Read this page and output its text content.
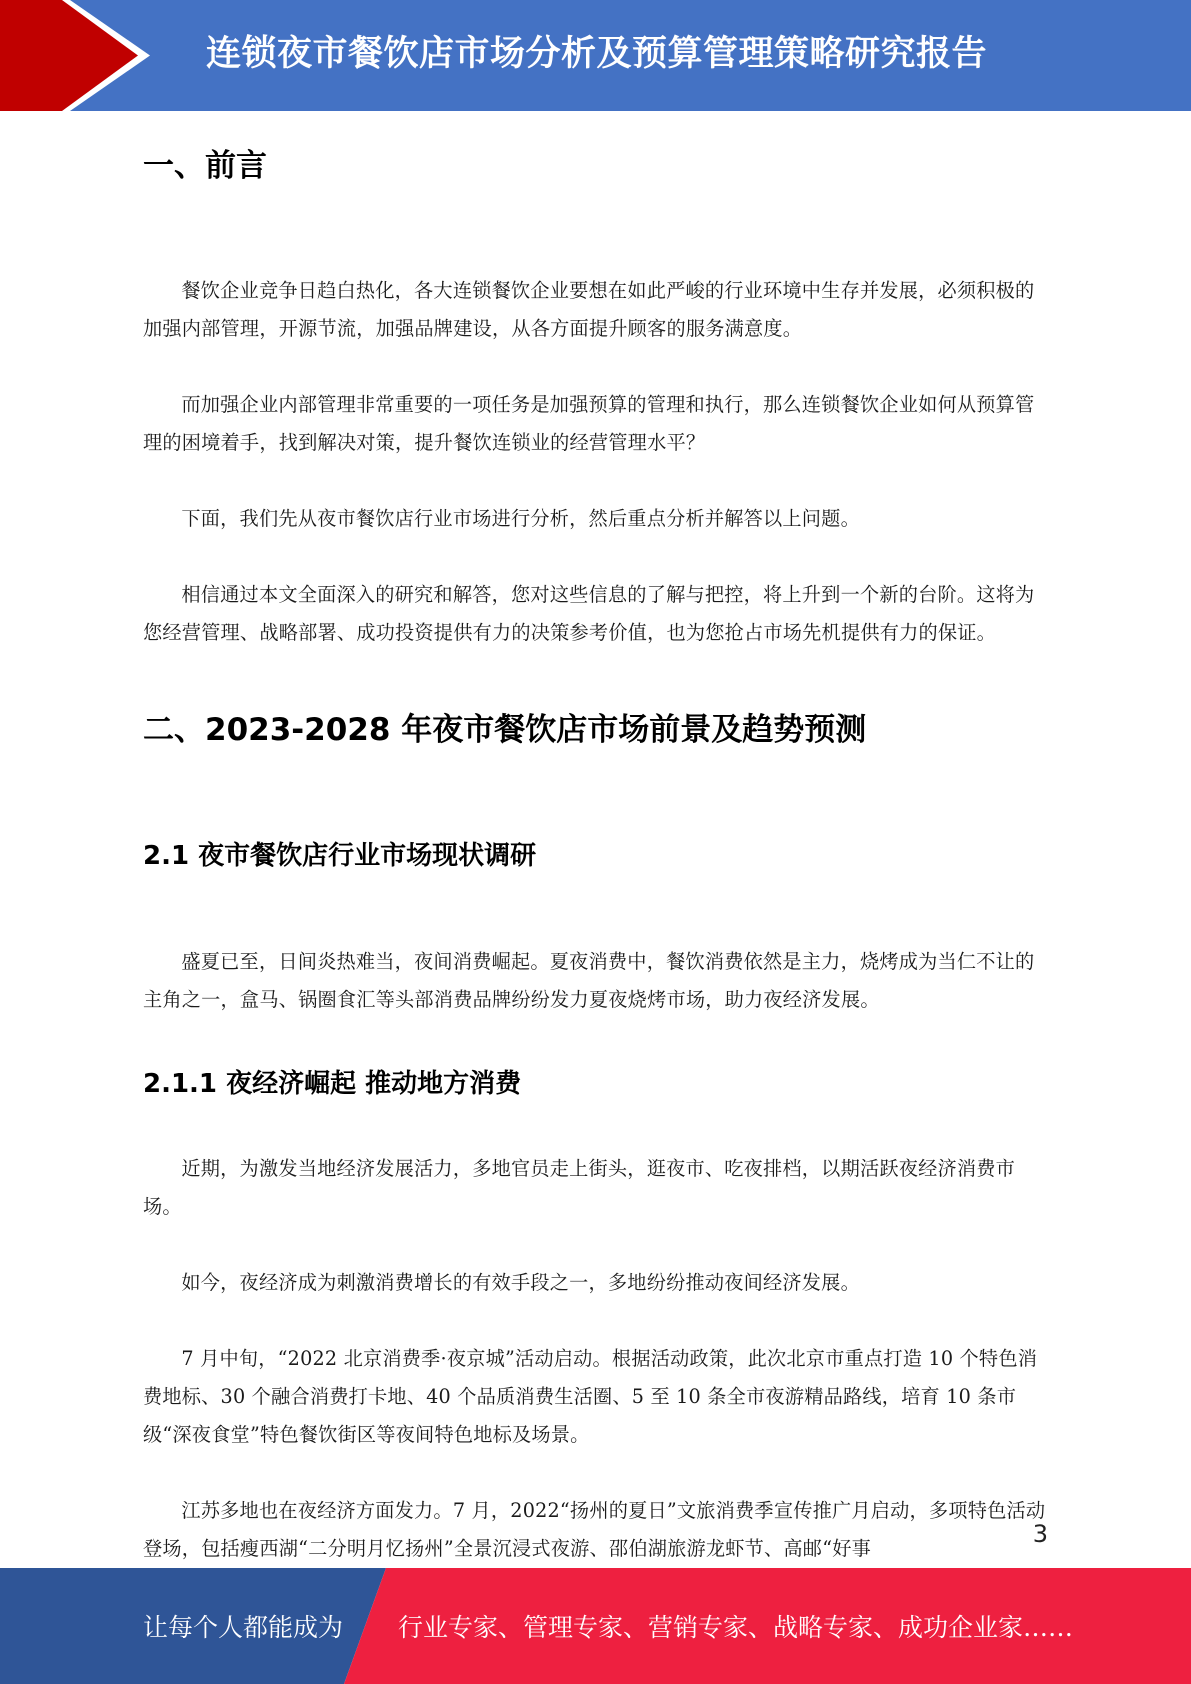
连锁夜市餐饮店市场分析及预算管理策略研究报告
一、前言

餐饮企业竞争日趋白热化，各大连锁餐饮企业要想在如此严峻的行业环境中生存并发展，必须积极的加强内部管理，开源节流，加强品牌建设，从各方面提升顾客的服务满意度。

而加强企业内部管理非常重要的一项任务是加强预算的管理和执行，那么连锁餐饮企业如何从预算管理的困境着手，找到解决对策，提升餐饮连锁业的经营管理水平？

下面，我们先从夜市餐饮店行业市场进行分析，然后重点分析并解答以上问题。

相信通过本文全面深入的研究和解答，您对这些信息的了解与把控，将上升到一个新的台阶。这将为您经营管理、战略部署、成功投资提供有力的决策参考价值，也为您抢占市场先机提供有力的保证。

二、2023-2028 年夜市餐饮店市场前景及趋势预测
2.1 夜市餐饮店行业市场现状调研

盛夏已至，日间炎热难当，夜间消费崛起。夏夜消费中，餐饮消费依然是主力，烧烤成为当仁不让的主角之一，盒马、锅圈食汇等头部消费品牌纷纷发力夏夜烧烤市场，助力夜经济发展。

2.1.1 夜经济崛起 推动地方消费

近期，为激发当地经济发展活力，多地官员走上街头，逛夜市、吃夜排档，以期活跃夜经济消费市场。

如今，夜经济成为刺激消费增长的有效手段之一，多地纷纷推动夜间经济发展。

7 月中旬，“2022 北京消费季·夜京城”活动启动。根据活动政策，此次北京市重点打造 10 个特色消费地标、30 个融合消费打卡地、40 个品质消费生活圈、5 至 10 条全市夜游精品路线，培育 10 条市级“深夜食堂”特色餐饮街区等夜间特色地标及场景。

江苏多地也在夜经济方面发力。7 月，2022“扬州的夏日”文旅消费季宣传推广月启动，多项特色活动登场，包括瘦西湖“二分明月忆扬州”全景沉浸式夜游、邵伯湖旅游龙虾节、高邮“好事

3
让每个人都能成为 行业专家、管理专家、营销专家、战略专家、成功企业家……
